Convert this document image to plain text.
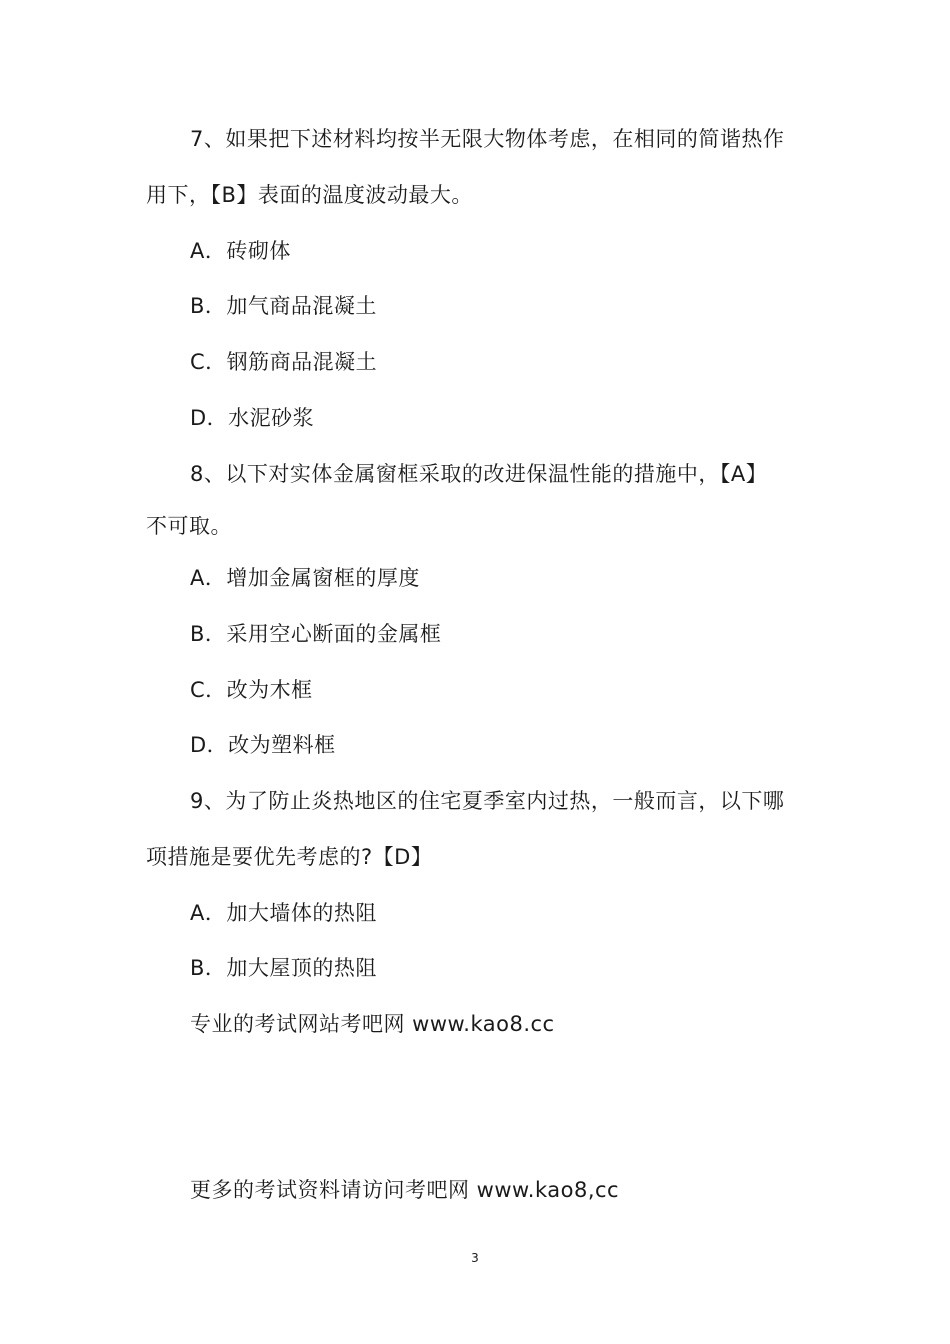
7、如果把下述材料均按半无限大物体考虑，在相同的简谐热作
用下，【B】表面的温度波动最大。
A．砖砌体
B．加气商品混凝土
C．钢筋商品混凝土
D．水泥砂浆
8、以下对实体金属窗框采取的改进保温性能的措施中，【A】
不可取。
A．增加金属窗框的厚度
B．采用空心断面的金属框
C．改为木框
D．改为塑料框
9、为了防止炎热地区的住宅夏季室内过热，一般而言，以下哪
项措施是要优先考虑的?【D】
A．加大墙体的热阻
B．加大屋顶的热阻
专业的考试网站考吧网 www.kao8.cc
更多的考试资料请访问考吧网 www.kao8,cc
3
